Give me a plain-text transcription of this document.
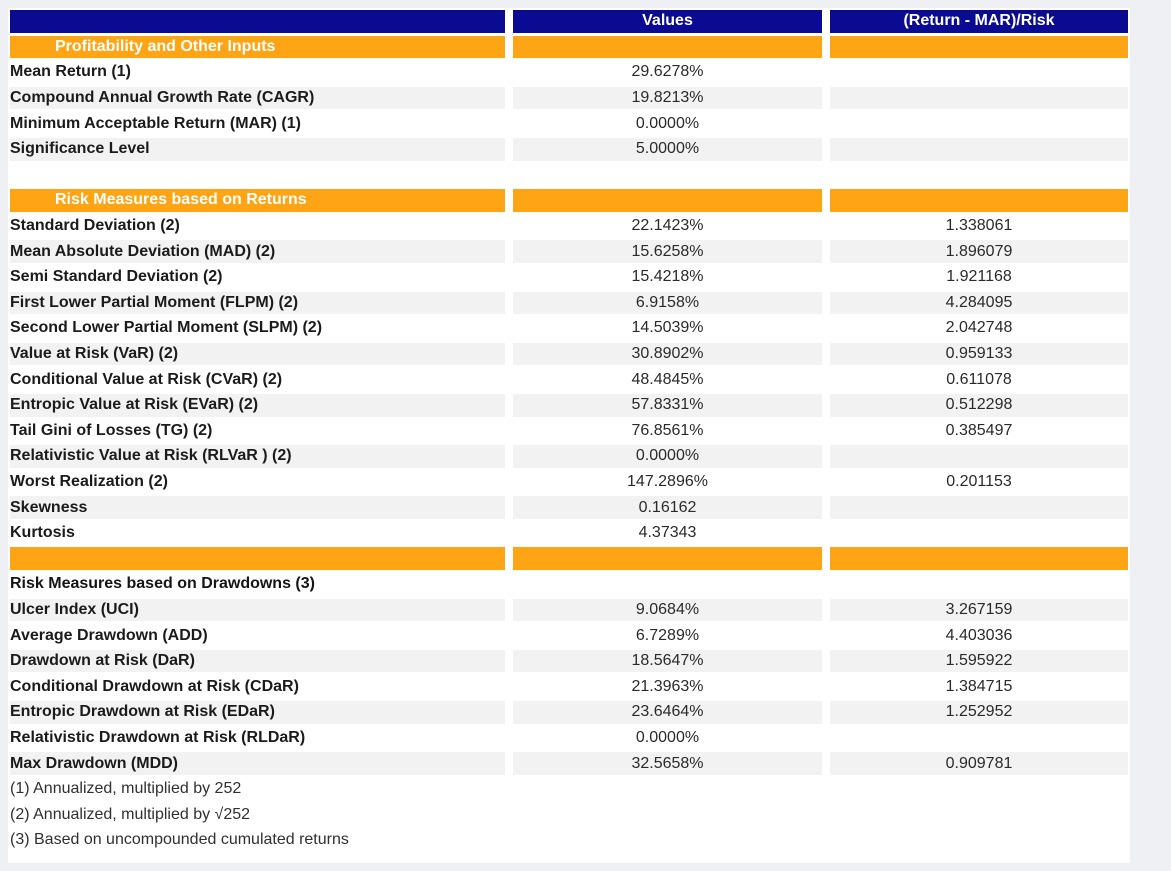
	Values	(Return - MAR)/Risk
Profitability and Other Inputs		
Mean Return (1)	29.6278%	
Compound Annual Growth Rate (CAGR)	19.8213%	
Minimum Acceptable Return (MAR) (1)	0.0000%	
Significance Level	5.0000%	

Risk Measures based on Returns		
Standard Deviation (2)	22.1423%	1.338061
Mean Absolute Deviation (MAD) (2)	15.6258%	1.896079
Semi Standard Deviation (2)	15.4218%	1.921168
First Lower Partial Moment (FLPM) (2)	6.9158%	4.284095
Second Lower Partial Moment (SLPM) (2)	14.5039%	2.042748
Value at Risk (VaR) (2)	30.8902%	0.959133
Conditional Value at Risk (CVaR) (2)	48.4845%	0.611078
Entropic Value at Risk (EVaR) (2)	57.8331%	0.512298
Tail Gini of Losses (TG) (2)	76.8561%	0.385497
Relativistic Value at Risk (RLVaR ) (2)	0.0000%	
Worst Realization (2)	147.2896%	0.201153
Skewness	0.16162	
Kurtosis	4.37343	

Risk Measures based on Drawdowns (3)		
Ulcer Index (UCI)	9.0684%	3.267159
Average Drawdown (ADD)	6.7289%	4.403036
Drawdown at Risk (DaR)	18.5647%	1.595922
Conditional Drawdown at Risk (CDaR)	21.3963%	1.384715
Entropic Drawdown at Risk (EDaR)	23.6464%	1.252952
Relativistic Drawdown at Risk (RLDaR)	0.0000%	
Max Drawdown (MDD)	32.5658%	0.909781
(1) Annualized, multiplied by 252		
(2) Annualized, multiplied by √252		
(3) Based on uncompounded cumulated returns		
